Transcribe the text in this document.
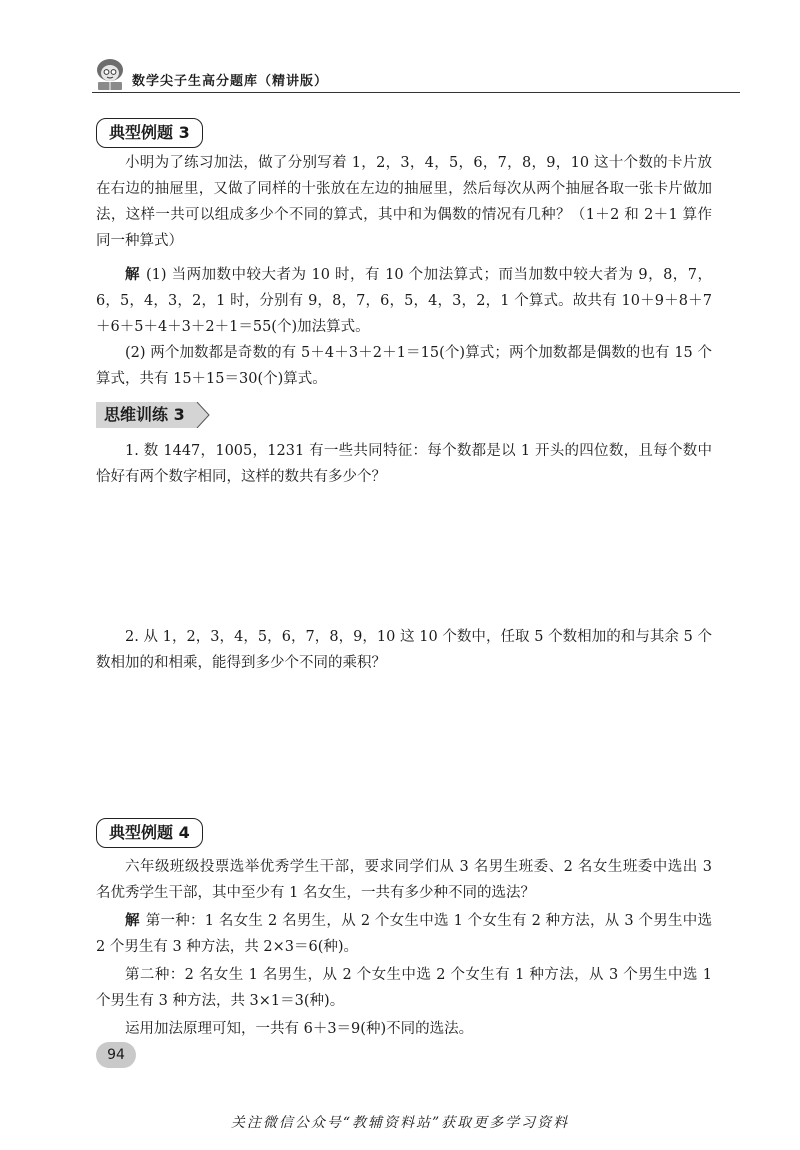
数学尖子生高分题库（精讲版）
典型例题 3
小明为了练习加法，做了分别写着 1，2，3，4，5，6，7，8，9，10 这十个数的卡片放在右边的抽屉里，又做了同样的十张放在左边的抽屉里，然后每次从两个抽屉各取一张卡片做加法，这样一共可以组成多少个不同的算式，其中和为偶数的情况有几种？（1＋2 和 2＋1 算作同一种算式）
解 (1) 当两加数中较大者为 10 时，有 10 个加法算式；而当加数中较大者为 9，8，7，6，5，4，3，2，1 时，分别有 9，8，7，6，5，4，3，2，1 个算式。故共有 10＋9＋8＋7＋6＋5＋4＋3＋2＋1＝55(个)加法算式。
(2) 两个加数都是奇数的有 5＋4＋3＋2＋1＝15(个)算式；两个加数都是偶数的也有 15 个算式，共有 15＋15＝30(个)算式。
思维训练 3
1. 数 1447，1005，1231 有一些共同特征：每个数都是以 1 开头的四位数，且每个数中恰好有两个数字相同，这样的数共有多少个？
2. 从 1，2，3，4，5，6，7，8，9，10 这 10 个数中，任取 5 个数相加的和与其余 5 个数相加的和相乘，能得到多少个不同的乘积？
典型例题 4
六年级班级投票选举优秀学生干部，要求同学们从 3 名男生班委、2 名女生班委中选出 3 名优秀学生干部，其中至少有 1 名女生，一共有多少种不同的选法？
解 第一种：1 名女生 2 名男生，从 2 个女生中选 1 个女生有 2 种方法，从 3 个男生中选 2 个男生有 3 种方法，共 2×3＝6(种)。
第二种：2 名女生 1 名男生，从 2 个女生中选 2 个女生有 1 种方法，从 3 个男生中选 1 个男生有 3 种方法，共 3×1＝3(种)。
运用加法原理可知，一共有 6＋3＝9(种)不同的选法。
94
关注微信公众号“教辅资料站”获取更多学习资料
